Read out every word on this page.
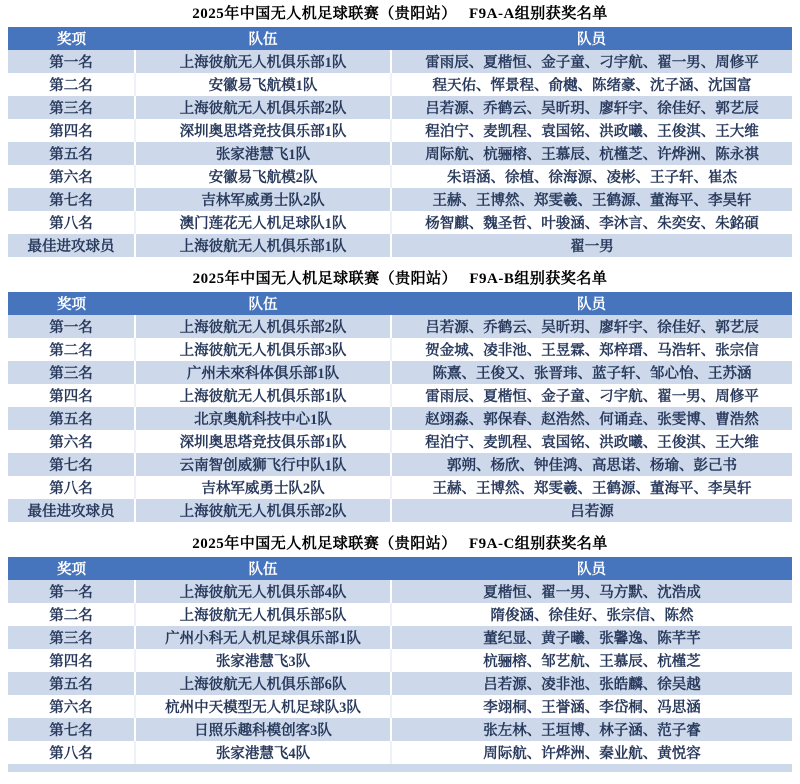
2025年中国无人机足球联赛（贵阳站）　 F9A-A组别获奖名单
奖项	队伍	队员
第一名	上海彼航无人机俱乐部1队	雷雨辰、夏楷恒、金子童、刁宇航、翟一男、周修平
第二名	安徽易飞航模1队	程天佑、恽景程、俞樾、陈绪豪、沈子涵、沈国富
第三名	上海彼航无人机俱乐部2队	吕若源、乔鹤云、吴昕玥、廖轩宇、徐佳好、郭艺辰
第四名	深圳奥思塔竞技俱乐部1队	程泊宁、麦凯程、袁国铭、洪政曦、王俊淇、王大维
第五名	张家港慧飞1队	周际航、杭骊榕、王慕辰、杭槿芝、许烨洲、陈永祺
第六名	安徽易飞航模2队	朱语涵、徐植、徐海源、凌彬、王子轩、崔杰
第七名	吉林军威勇士队2队	王赫、王博然、郑雯羲、王鹤源、董海平、李昊轩
第八名	澳门莲花无人机足球队1队	杨智麒、魏圣哲、叶骏涵、李沐言、朱奕安、朱銘碩
最佳进攻球员	上海彼航无人机俱乐部1队	翟一男
2025年中国无人机足球联赛（贵阳站）　 F9A-B组别获奖名单
奖项	队伍	队员
第一名	上海彼航无人机俱乐部2队	吕若源、乔鹤云、吴昕玥、廖轩宇、徐佳好、郭艺辰
第二名	上海彼航无人机俱乐部3队	贺金城、凌非池、王昱霖、郑梓瑨、马浩轩、张宗信
第三名	广州未來科体俱乐部1队	陈熹、王俊又、张晋玮、蓝子轩、邹心怡、王苏涵
第四名	上海彼航无人机俱乐部1队	雷雨辰、夏楷恒、金子童、刁宇航、翟一男、周修平
第五名	北京奥航科技中心1队	赵翊淼、郭保春、赵浩然、何诵垚、张雯博、曹浩然
第六名	深圳奥思塔竞技俱乐部1队	程泊宁、麦凯程、袁国铭、洪政曦、王俊淇、王大维
第七名	云南智创威狮飞行中队1队	郭朔、杨欣、钟佳鸿、高思诺、杨瑜、彭己书
第八名	吉林军威勇士队2队	王赫、王博然、郑雯羲、王鹤源、董海平、李昊轩
最佳进攻球员	上海彼航无人机俱乐部2队	吕若源
2025年中国无人机足球联赛（贵阳站）　 F9A-C组别获奖名单
奖项	队伍	队员
第一名	上海彼航无人机俱乐部4队	夏楷恒、翟一男、马方默、沈浩成
第二名	上海彼航无人机俱乐部5队	隋俊涵、徐佳好、张宗信、陈然
第三名	广州小科无人机足球俱乐部1队	董纪显、黄子曦、张馨逸、陈芊芊
第四名	张家港慧飞3队	杭骊榕、邹艺航、王慕辰、杭槿芝
第五名	上海彼航无人机俱乐部6队	吕若源、凌非池、张皓麟、徐吴越
第六名	杭州中天模型无人机足球队3队	李翊桐、王誉涵、李岱桐、冯思涵
第七名	日照乐趣科模创客3队	张左林、王垣博、林子涵、范子睿
第八名	张家港慧飞4队	周际航、许烨洲、秦业航、黄悦容
